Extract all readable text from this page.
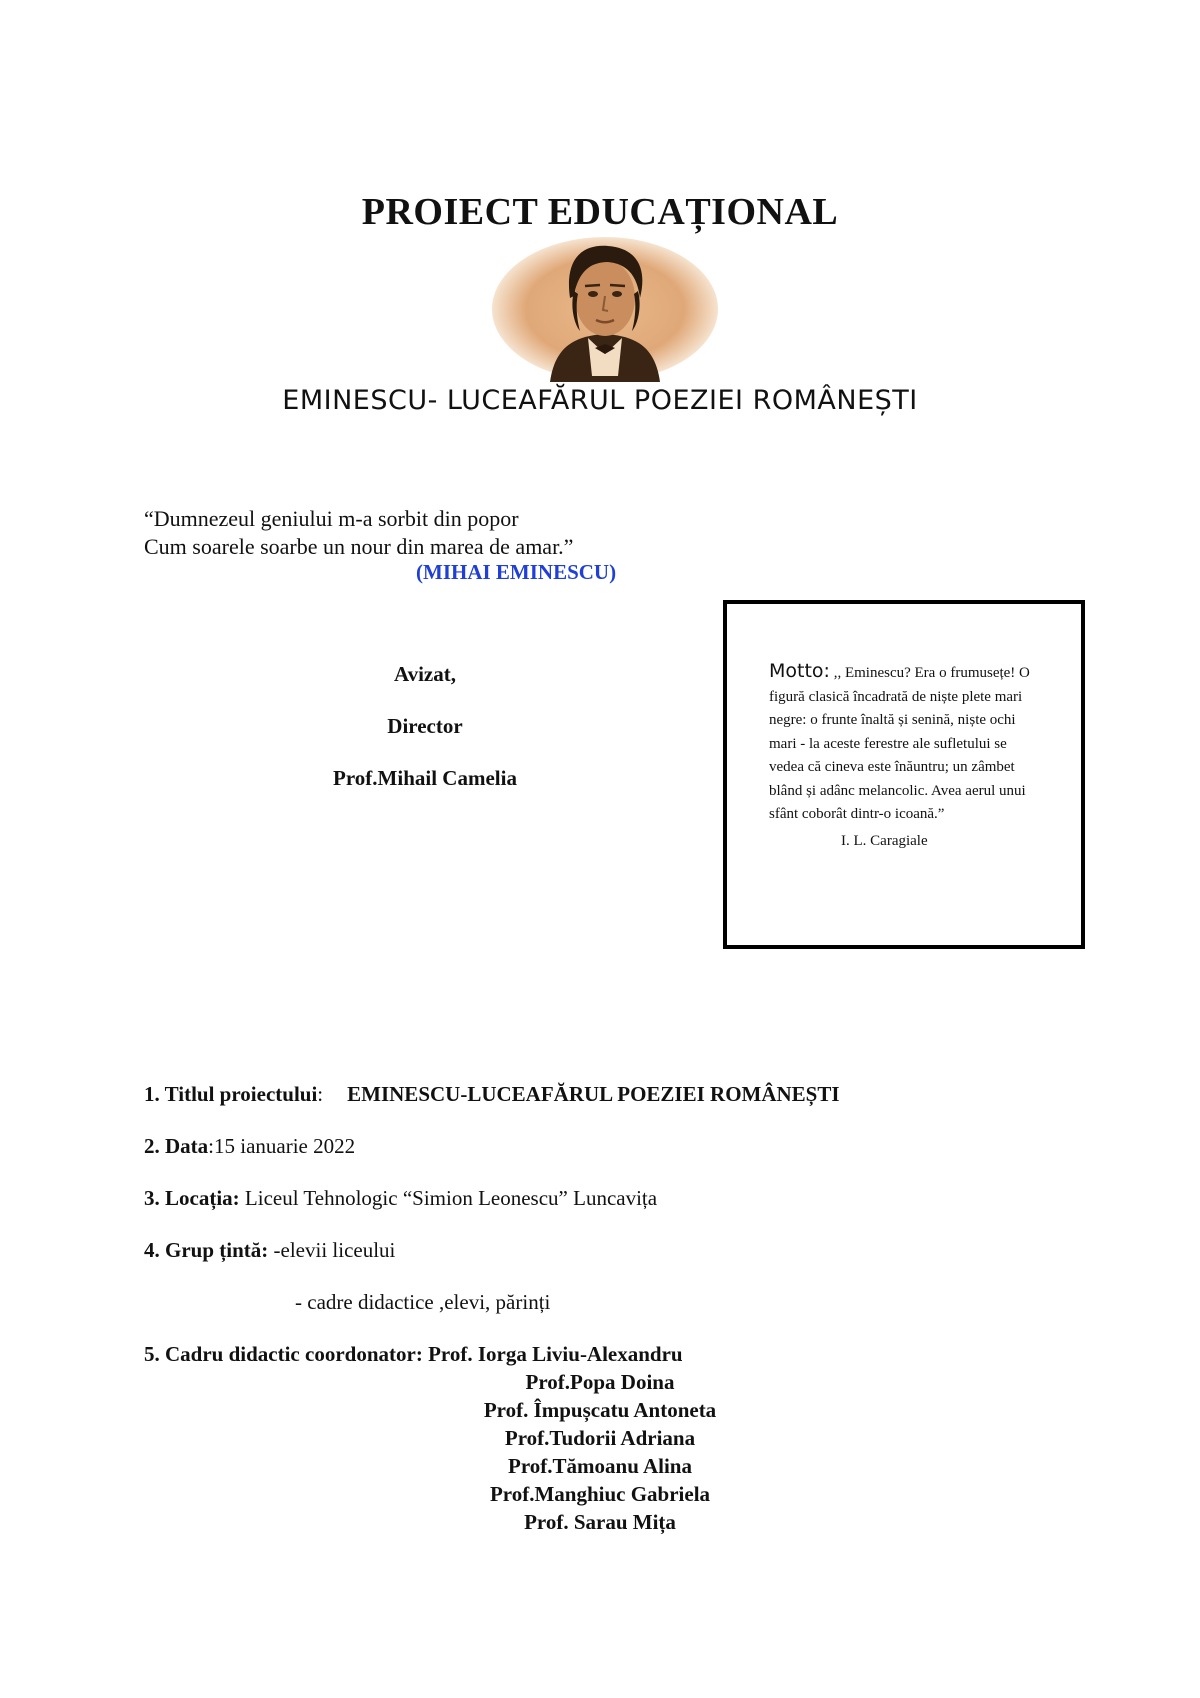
PROIECT EDUCAȚIONAL
EMINESCU- LUCEAFĂRUL POEZIEI ROMÂNEȘTI
“Dumnezeul geniului m-a sorbit din popor
Cum soarele soarbe un nour din marea de amar.”
(MIHAI EMINESCU)
Avizat,
Director
Prof.Mihail Camelia
Motto: ,, Eminescu? Era o frumusețe! O figură clasică încadrată de niște plete mari negre: o frunte înaltă și senină, niște ochi mari - la aceste ferestre ale sufletului se vedea că cineva este înăuntru; un zâmbet blând și adânc melancolic. Avea aerul unui sfânt coborât dintr-o icoană.”
I. L. Caragiale
1. Titlul proiectului: EMINESCU-LUCEAFĂRUL POEZIEI ROMÂNEȘTI
2. Data:15 ianuarie 2022
3. Locația: Liceul Tehnologic “Simion Leonescu” Luncavița
4. Grup țintă: -elevii liceului
- cadre didactice ,elevi, părinți
5. Cadru didactic coordonator: Prof. Iorga Liviu-Alexandru
Prof.Popa Doina
Prof. Împușcatu Antoneta
Prof.Tudorii Adriana
Prof.Tămoanu Alina
Prof.Manghiuc Gabriela
Prof. Sarau Mița
